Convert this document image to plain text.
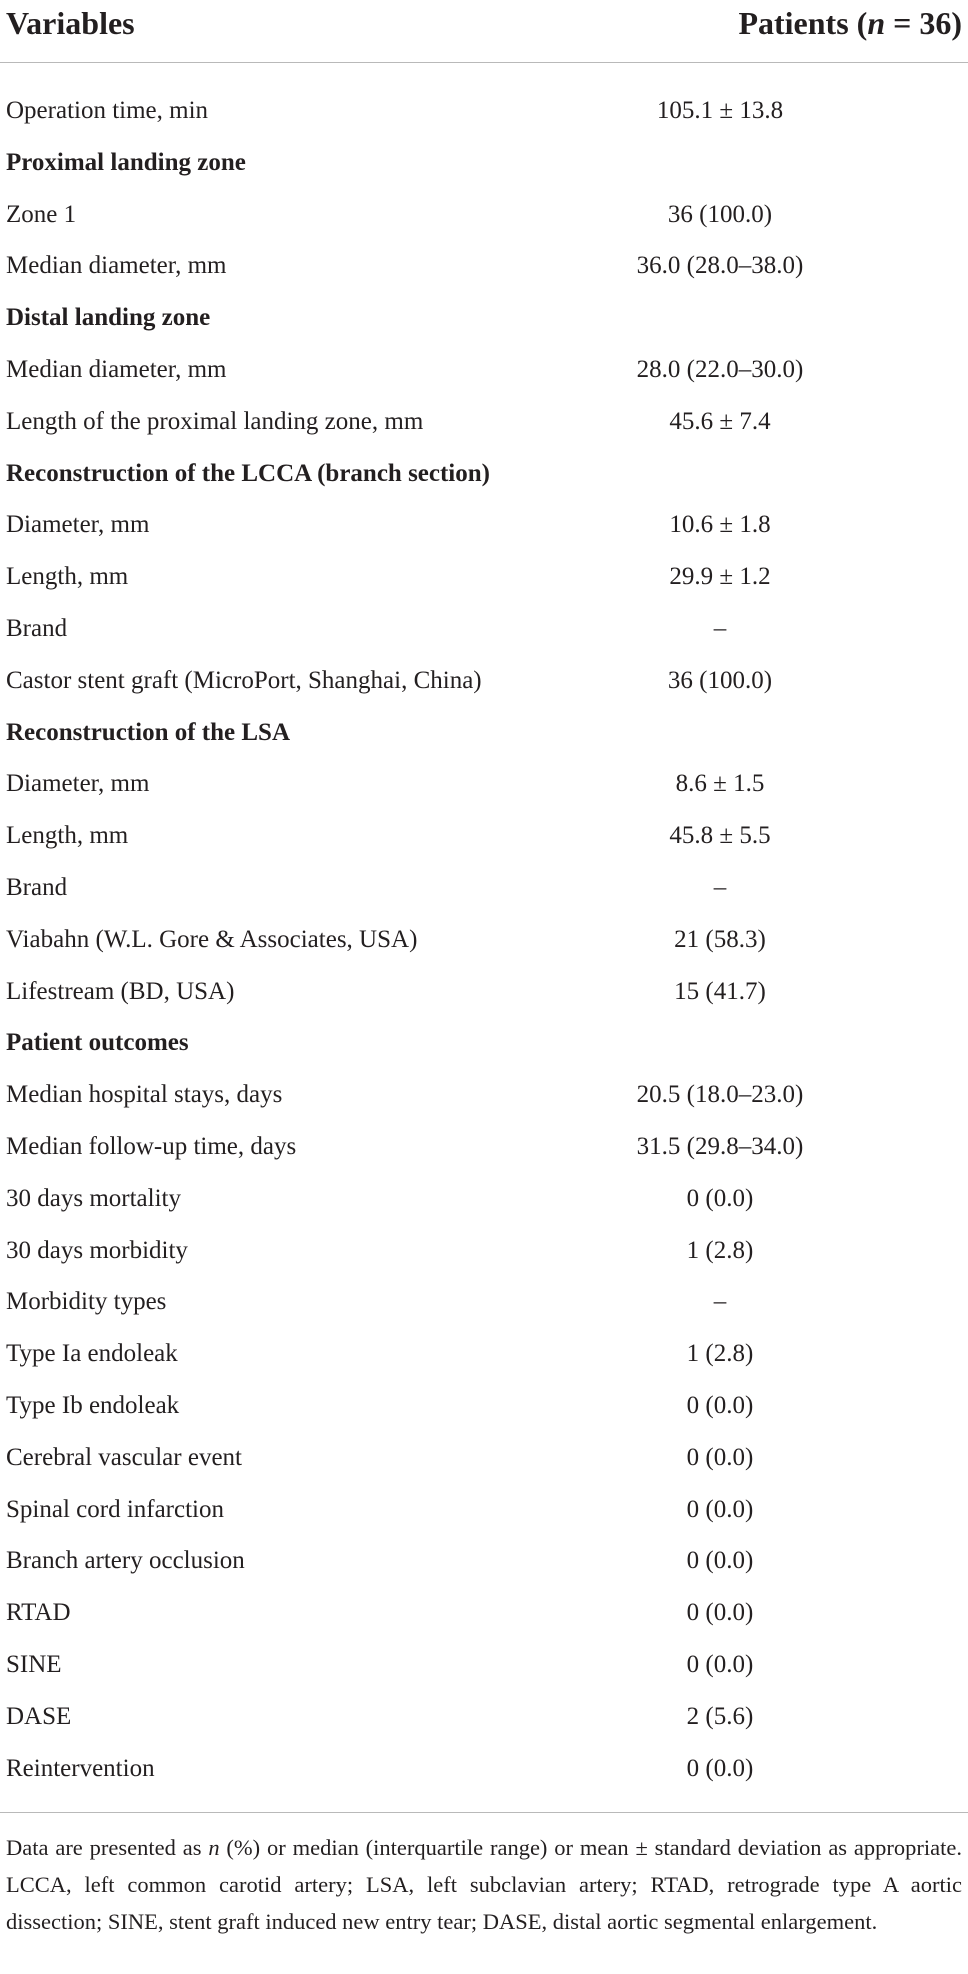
Variables	Patients (n = 36)
Operation time, min	105.1 ± 13.8
Proximal landing zone
Zone 1	36 (100.0)
Median diameter, mm	36.0 (28.0–38.0)
Distal landing zone
Median diameter, mm	28.0 (22.0–30.0)
Length of the proximal landing zone, mm	45.6 ± 7.4
Reconstruction of the LCCA (branch section)
Diameter, mm	10.6 ± 1.8
Length, mm	29.9 ± 1.2
Brand	–
Castor stent graft (MicroPort, Shanghai, China)	36 (100.0)
Reconstruction of the LSA
Diameter, mm	8.6 ± 1.5
Length, mm	45.8 ± 5.5
Brand	–
Viabahn (W.L. Gore & Associates, USA)	21 (58.3)
Lifestream (BD, USA)	15 (41.7)
Patient outcomes
Median hospital stays, days	20.5 (18.0–23.0)
Median follow-up time, days	31.5 (29.8–34.0)
30 days mortality	0 (0.0)
30 days morbidity	1 (2.8)
Morbidity types	–
Type Ia endoleak	1 (2.8)
Type Ib endoleak	0 (0.0)
Cerebral vascular event	0 (0.0)
Spinal cord infarction	0 (0.0)
Branch artery occlusion	0 (0.0)
RTAD	0 (0.0)
SINE	0 (0.0)
DASE	2 (5.6)
Reintervention	0 (0.0)
Data are presented as n (%) or median (interquartile range) or mean ± standard deviation as appropriate. LCCA, left common carotid artery; LSA, left subclavian artery; RTAD, retrograde type A aortic dissection; SINE, stent graft induced new entry tear; DASE, distal aortic segmental enlargement.
